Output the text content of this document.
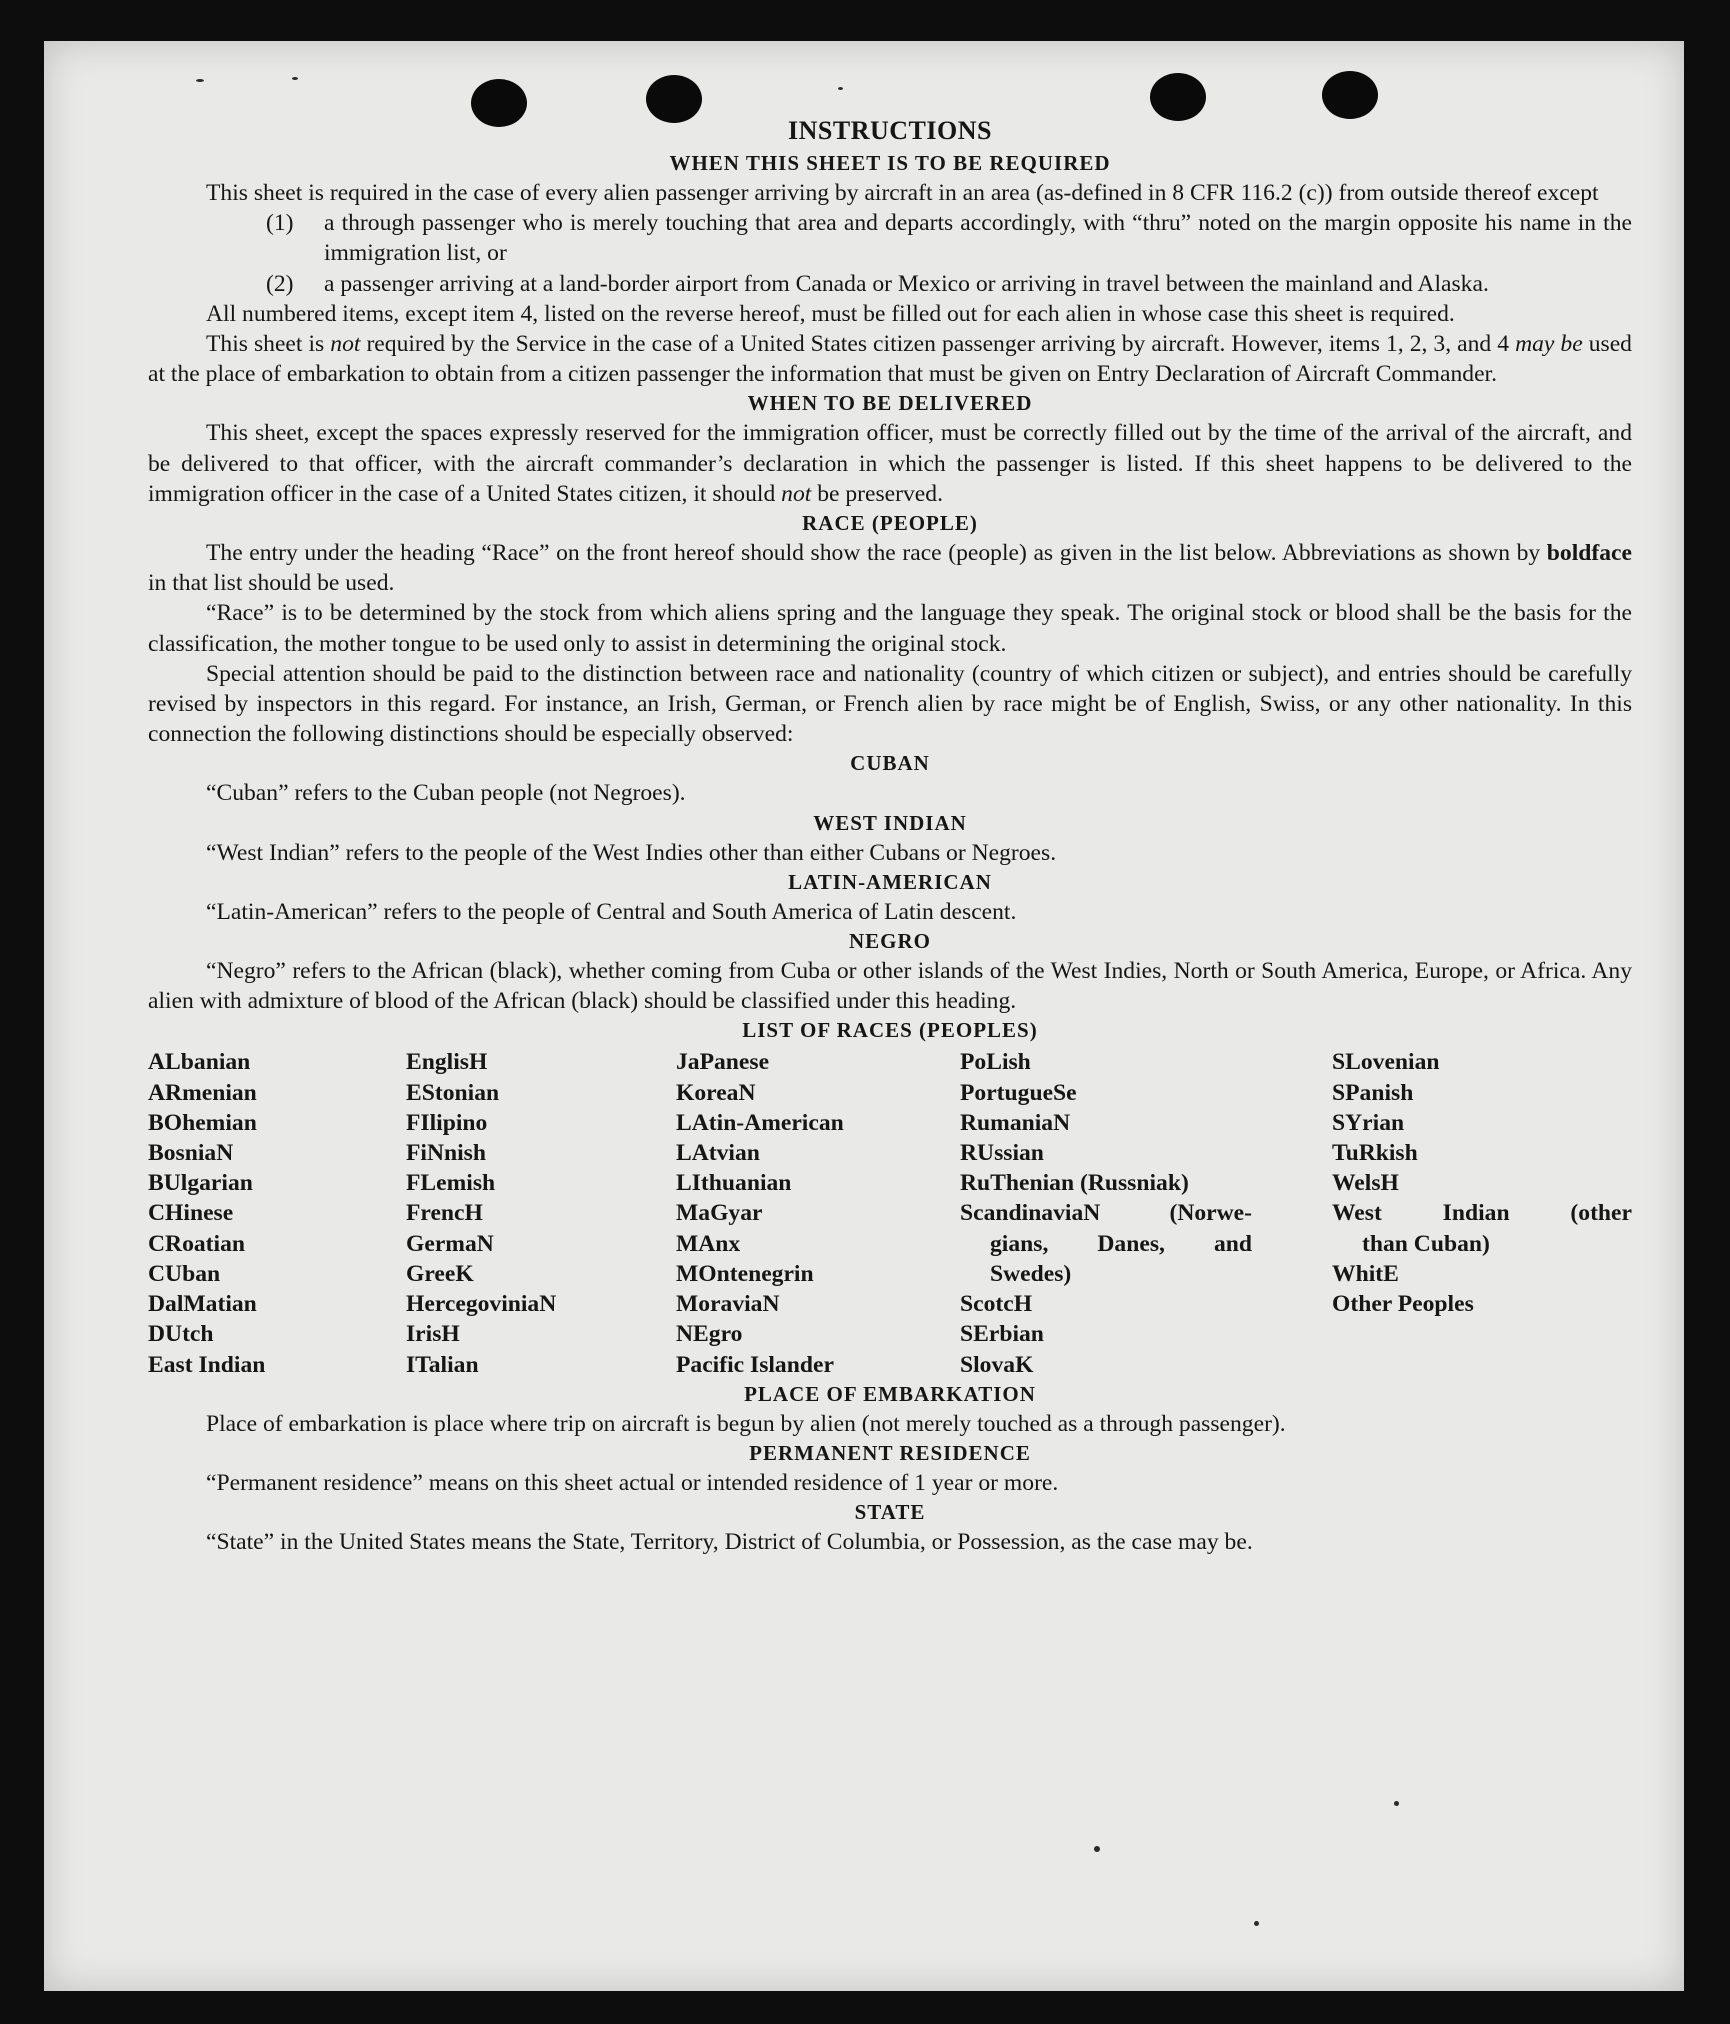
INSTRUCTIONS
WHEN THIS SHEET IS TO BE REQUIRED

This sheet is required in the case of every alien passenger arriving by aircraft in an area (as-defined in 8 CFR 116.2 (c)) from outside thereof except

(1)	a through passenger who is merely touching that area and departs accordingly, with “thru” noted on the margin opposite his name in the immigration list, or
(2)	a passenger arriving at a land-border airport from Canada or Mexico or arriving in travel between the mainland and Alaska.

All numbered items, except item 4, listed on the reverse hereof, must be filled out for each alien in whose case this sheet is required.

This sheet is not required by the Service in the case of a United States citizen passenger arriving by aircraft. However, items 1, 2, 3, and 4 may be used at the place of embarkation to obtain from a citizen passenger the information that must be given on Entry Declaration of Aircraft Commander.

WHEN TO BE DELIVERED

This sheet, except the spaces expressly reserved for the immigration officer, must be correctly filled out by the time of the arrival of the aircraft, and be delivered to that officer, with the aircraft commander’s declaration in which the passenger is listed. If this sheet happens to be delivered to the immigration officer in the case of a United States citizen, it should not be preserved.

RACE (PEOPLE)

The entry under the heading “Race” on the front hereof should show the race (people) as given in the list below. Abbreviations as shown by boldface in that list should be used.

“Race” is to be determined by the stock from which aliens spring and the language they speak. The original stock or blood shall be the basis for the classification, the mother tongue to be used only to assist in determining the original stock.

Special attention should be paid to the distinction between race and nationality (country of which citizen or subject), and entries should be carefully revised by inspectors in this regard. For instance, an Irish, German, or French alien by race might be of English, Swiss, or any other nationality. In this connection the following distinctions should be especially observed:

CUBAN

“Cuban” refers to the Cuban people (not Negroes).

WEST INDIAN

“West Indian” refers to the people of the West Indies other than either Cubans or Negroes.

LATIN-AMERICAN

“Latin-American” refers to the people of Central and South America of Latin descent.

NEGRO

“Negro” refers to the African (black), whether coming from Cuba or other islands of the West Indies, North or South America, Europe, or Africa. Any alien with admixture of blood of the African (black) should be classified under this heading.

LIST OF RACES (PEOPLES)
ALbanian
ARmenian
BOhemian
BosniaN
BUlgarian
CHinese
CRoatian
CUban
DalMatian
DUtch
East Indian
EnglisH
EStonian
FIlipino
FiNnish
FLemish
FrencH
GermaN
GreeK
HercegoviniaN
IrisH
ITalian
JaPanese
KoreaN
LAtin-American
LAtvian
LIthuanian
MaGyar
MAnx
MOntenegrin
MoraviaN
NEgro
Pacific Islander
PoLish
PortugueSe
RumaniaN
RUssian
RuThenian (Russniak)
ScandinaviaN (Norwe-
gians, Danes, and
Swedes)
ScotcH
SErbian
SlovaK
SLovenian
SPanish
SYrian
TuRkish
WelsH
West Indian (other
than Cuban)
WhitE
Other Peoples
PLACE OF EMBARKATION

Place of embarkation is place where trip on aircraft is begun by alien (not merely touched as a through passenger).

PERMANENT RESIDENCE

“Permanent residence” means on this sheet actual or intended residence of 1 year or more.

STATE

“State” in the United States means the State, Territory, District of Columbia, or Possession, as the case may be.
